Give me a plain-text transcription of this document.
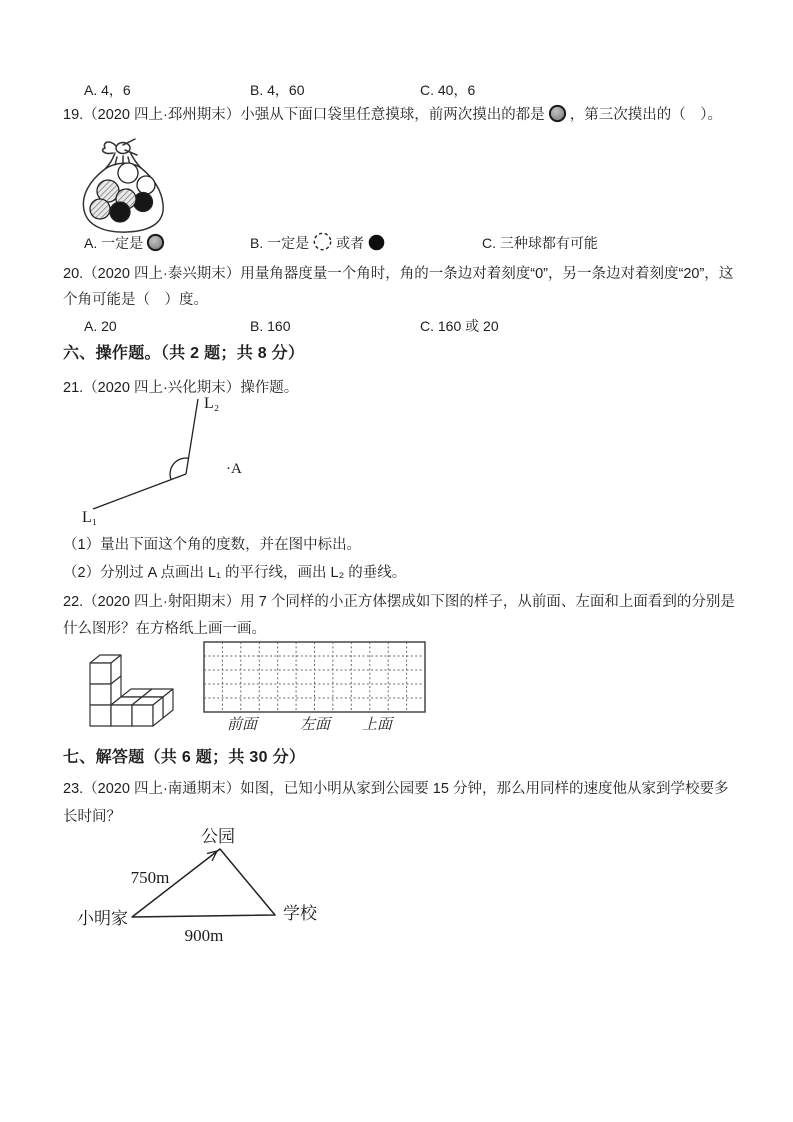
A. 4，6	B. 4，60	C. 40，6
19.（2020 四上·邳州期末）小强从下面口袋里任意摸球，前两次摸出的都是 ，第三次摸出的（　）。
A. 一定是	B. 一定是 或者	C. 三种球都有可能
20.（2020 四上·泰兴期末）用量角器度量一个角时，角的一条边对着刻度“0”，另一条边对着刻度“20”，这个角可能是（　）度。
A. 20	B. 160	C. 160 或 20
六、操作题。（共 2 题；共 8 分）
21.（2020 四上·兴化期末）操作题。
L₂
L₁
·A
（1）量出下面这个角的度数，并在图中标出。
（2）分别过 A 点画出 L₁ 的平行线，画出 L₂ 的垂线。
22.（2020 四上·射阳期末）用 7 个同样的小正方体摆成如下图的样子，从前面、左面和上面看到的分别是什么图形？在方格纸上画一画。
前面	左面 上面
七、解答题（共 6 题；共 30 分）
23.（2020 四上·南通期末）如图，已知小明从家到公园要 15 分钟，那么用同样的速度他从家到学校要多长时间？
公园
750m
小明家	学校
900m
